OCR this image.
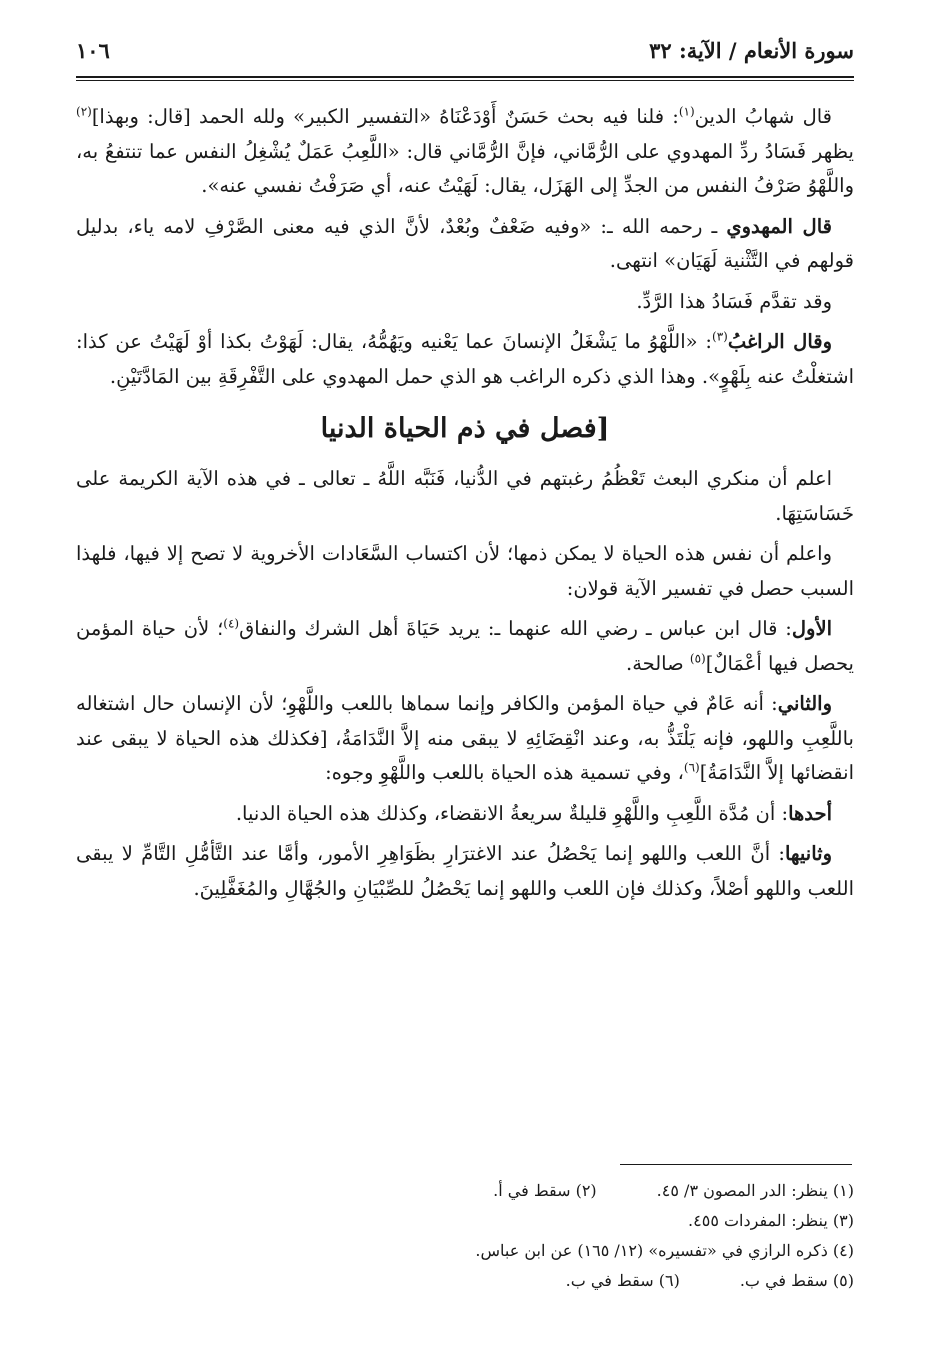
سورة الأنعام / الآية: ٣٢
١٠٦

قال شهابُ الدين$^{(١)}$: فلنا فيه بحث حَسَنٌ أَوْدَعْنَاهُ «التفسير الكبير» ولله الحمد [قال: وبهذا]$^{(٢)}$ يظهر فَسَادُ ردِّ المهدوي على الرُّمَّاني، فإنَّ الرُّمَّاني قال: «اللَّعِبُ عَمَلٌ يُشْغِلُ النفس عما تنتفعُ به، واللَّهْوُ صَرْفُ النفس من الجدِّ إلى الهَزَل، يقال: لَهَيْتُ عنه، أي صَرَفْتُ نفسي عنه».

قال المهدوي ـ رحمه الله ـ: «وفيه ضَعْفٌ وبُعْدٌ، لأنَّ الذي فيه معنى الصَّرْفِ لامه ياء، بدليل قولهم في التَّثْنية لَهَيَان» انتهى.

وقد تقدَّم فَسَادُ هذا الرَّدِّ.

وقال الراغبُ$^{(٣)}$: «اللَّهْوُ ما يَشْغَلُ الإنسانَ عما يَعْنيه ويَهُمُّهُ، يقال: لَهَوْتُ بكذا أوْ لَهَيْتُ عن كذا: اشتغلْتُ عنه بِلَهْوٍ». وهذا الذي ذكره الراغب هو الذي حمل المهدوي على التَّفْرِقَةِ بين المَادَّتَيْنِ.

[فصل في ذم الحياة الدنيا

اعلم أن منكري البعث تَعْظُمُ رغبتهم في الدُّنيا، فَنَبَّه اللَّهُ ـ تعالى ـ في هذه الآية الكريمة على خَسَاسَتِهَا.

واعلم أن نفس هذه الحياة لا يمكن ذمها؛ لأن اكتساب السَّعَادات الأخروية لا تصح إلا فيها، فلهذا السبب حصل في تفسير الآية قولان:

الأول: قال ابن عباس ـ رضي الله عنهما ـ: يريد حَيَاةَ أهل الشرك والنفاق$^{(٤)}$؛ لأن حياة المؤمن يحصل فيها أعْمَالٌ]$^{(٥)}$ صالحة.

والثاني: أنه عَامٌ في حياة المؤمن والكافر وإنما سماها باللعب واللَّهْوِ؛ لأن الإنسان حال اشتغاله باللَّعِبِ واللهو، فإنه يَلْتَذُّ به، وعند انْقِضَائِهِ لا يبقى منه إلاَّ النَّدَامَةُ، [فكذلك هذه الحياة لا يبقى عند انقضائها إلاَّ النَّدَامَةُ]$^{(٦)}$، وفي تسمية هذه الحياة باللعب واللَّهْوِ وجوه:

أحدها: أن مُدَّة اللَّعِبِ واللَّهْوِ قليلةٌ سريعةُ الانقضاء، وكذلك هذه الحياة الدنيا.

وثانيها: أنَّ اللعب واللهو إنما يَحْصُلُ عند الاغترَارِ بظَوَاهِرِ الأمور، وأمَّا عند التَّأمُّلِ التَّامِّ لا يبقى اللعب واللهو أصْلاً، وكذلك فإن اللعب واللهو إنما يَحْصُلُ للصِّبْيَانِ والجُهَّالِ والمُغَفَّلِينَ.

(١) ينظر: الدر المصون ٣/ ٤٥.
(٢) سقط في أ.
(٣) ينظر: المفردات ٤٥٥.
(٤) ذكره الرازي في «تفسيره» (١٢/ ١٦٥) عن ابن عباس.
(٥) سقط في ب.
(٦) سقط في ب.
